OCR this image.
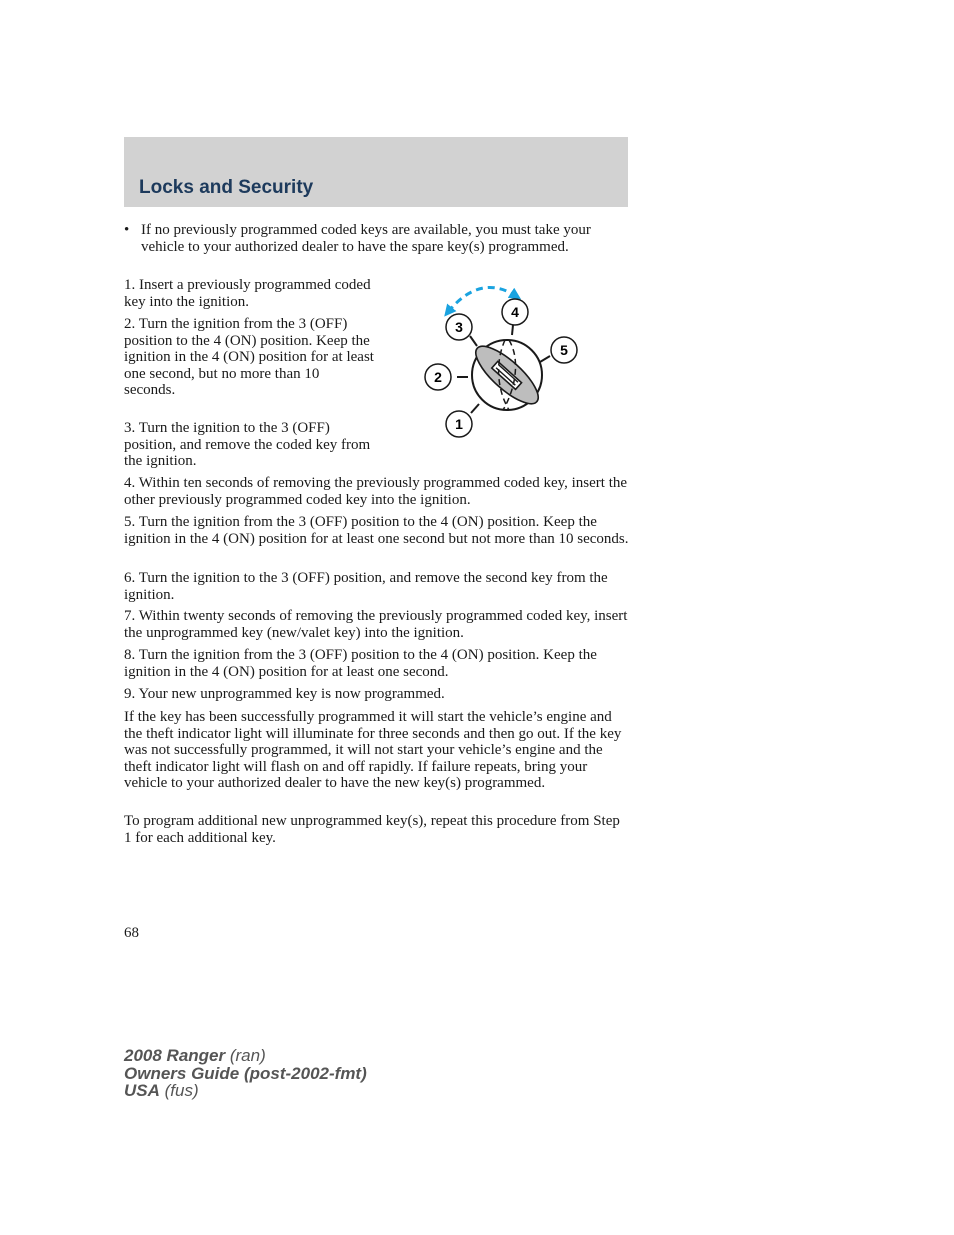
Locks and Security
• If no previously programmed coded keys are available, you must take your vehicle to your authorized dealer to have the spare key(s) programmed.

1. Insert a previously programmed coded key into the ignition.

2. Turn the ignition from the 3 (OFF) position to the 4 (ON) position. Keep the ignition in the 4 (ON) position for at least one second, but no more than 10 seconds.

3. Turn the ignition to the 3 (OFF) position, and remove the coded key from the ignition.

4. Within ten seconds of removing the previously programmed coded key, insert the other previously programmed coded key into the ignition.

5. Turn the ignition from the 3 (OFF) position to the 4 (ON) position. Keep the ignition in the 4 (ON) position for at least one second but not more than 10 seconds.

6. Turn the ignition to the 3 (OFF) position, and remove the second key from the ignition.

7. Within twenty seconds of removing the previously programmed coded key, insert the unprogrammed key (new/valet key) into the ignition.

8. Turn the ignition from the 3 (OFF) position to the 4 (ON) position. Keep the ignition in the 4 (ON) position for at least one second.

9. Your new unprogrammed key is now programmed.

If the key has been successfully programmed it will start the vehicle’s engine and the theft indicator light will illuminate for three seconds and then go out. If the key was not successfully programmed, it will not start your vehicle’s engine and the theft indicator light will flash on and off rapidly. If failure repeats, bring your vehicle to your authorized dealer to have the new key(s) programmed.

To program additional new unprogrammed key(s), repeat this procedure from Step 1 for each additional key.

3
4
5
2
1

68

2008 Ranger (ran)
Owners Guide (post-2002-fmt)
USA (fus)
